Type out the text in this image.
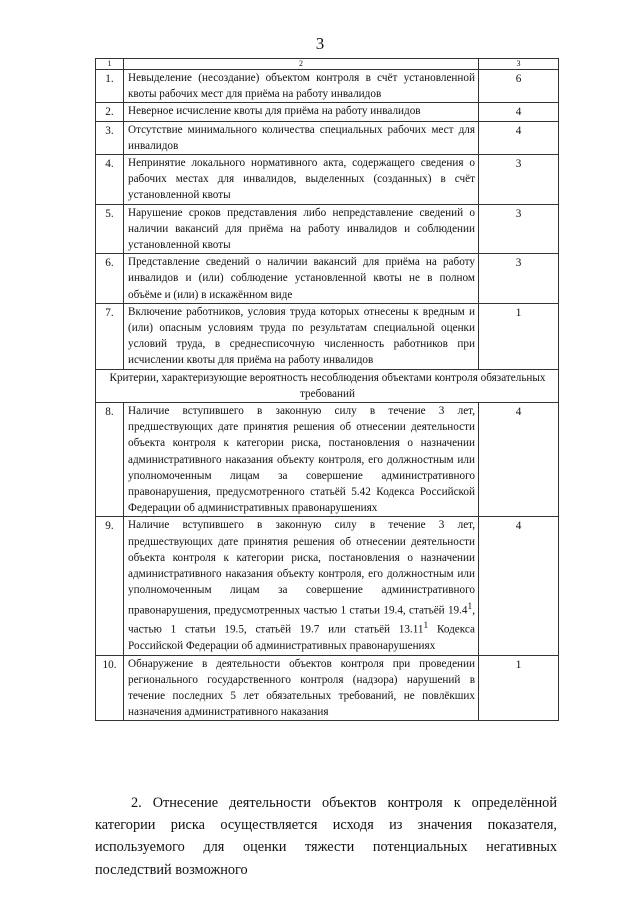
3
1	2	3
1.	Невыделение (несоздание) объектом контроля в счёт установленной квоты рабочих мест для приёма на работу инвалидов	6
2.	Неверное исчисление квоты для приёма на работу инвалидов	4
3.	Отсутствие минимального количества специальных рабочих мест для инвалидов	4
4.	Непринятие локального нормативного акта, содержащего сведения о рабочих местах для инвалидов, выделенных (созданных) в счёт установленной квоты	3
5.	Нарушение сроков представления либо непредставление сведений о наличии вакансий для приёма на работу инвалидов и соблюдении установленной квоты	3
6.	Представление сведений о наличии вакансий для приёма на работу инвалидов и (или) соблюдение установленной квоты не в полном объёме и (или) в искажённом виде	3
7.	Включение работников, условия труда которых отнесены к вредным и (или) опасным условиям труда по результатам специальной оценки условий труда, в среднесписочную численность работников при исчислении квоты для приёма на работу инвалидов	1
Критерии, характеризующие вероятность несоблюдения объектами контроля обязательных требований		
8.	Наличие вступившего в законную силу в течение 3 лет, предшествующих дате принятия решения об отнесении деятельности объекта контроля к категории риска, постановления о назначении административного наказания объекту контроля, его должностным или уполномоченным лицам за совершение административного правонарушения, предусмотренного статьёй 5.42 Кодекса Российской Федерации об административных правонарушениях	4
9.	Наличие вступившего в законную силу в течение 3 лет, предшествующих дате принятия решения об отнесении деятельности объекта контроля к категории риска, постановления о назначении административного наказания объекту контроля, его должностным или уполномоченным лицам за совершение административного правонарушения, предусмотренных частью 1 статьи 19.4, статьёй 19.4$^1$, частью 1 статьи 19.5, статьёй 19.7 или статьёй 13.11$^1$ Кодекса Российской Федерации об административных правонарушениях	4
10.	Обнаружение в деятельности объектов контроля при проведении регионального государственного контроля (надзора) нарушений в течение последних 5 лет обязательных требований, не повлёкших назначения административного наказания	1
2. Отнесение деятельности объектов контроля к определённой категории риска осуществляется исходя из значения показателя, используемого для оценки тяжести потенциальных негативных последствий возможного
